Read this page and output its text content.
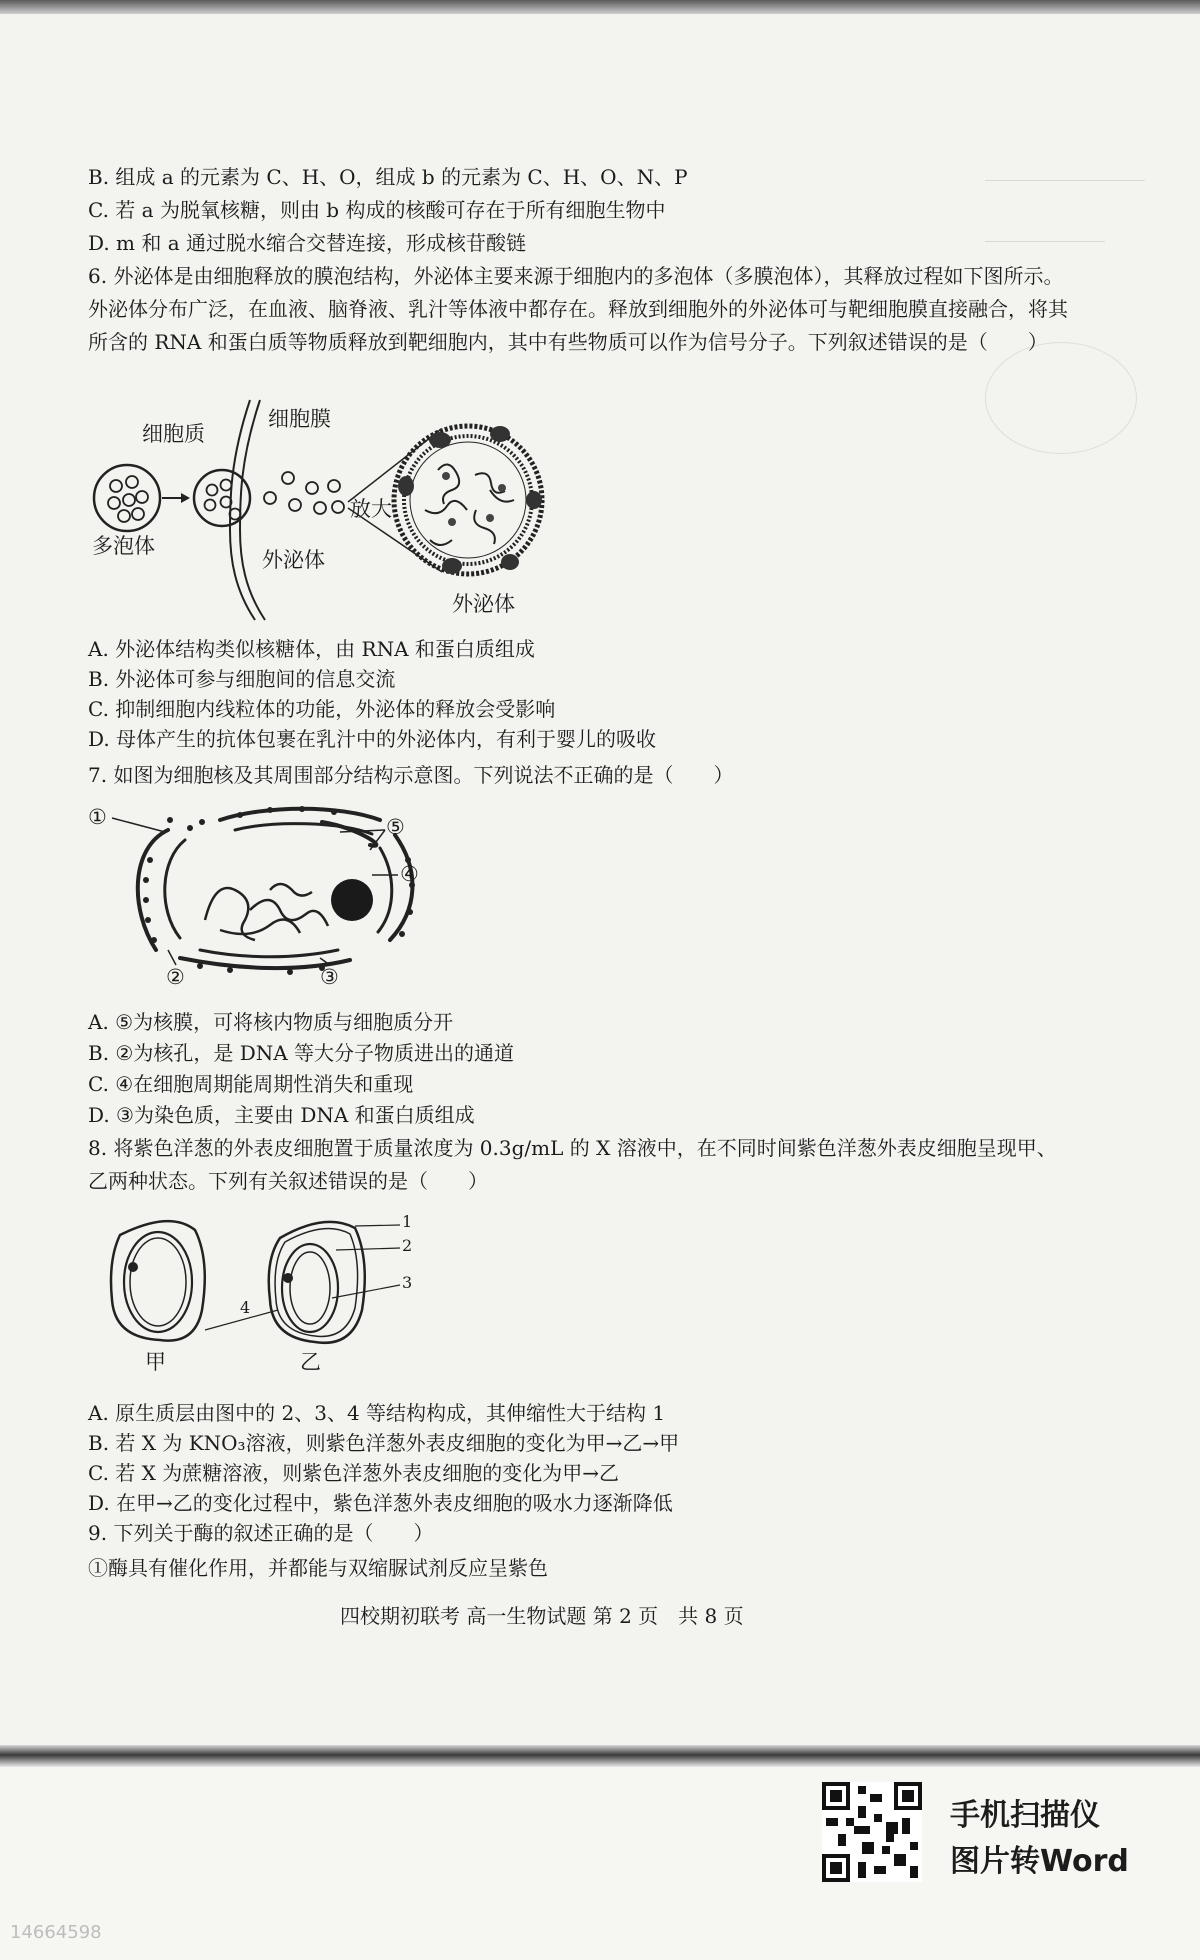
B. 组成 a 的元素为 C、H、O，组成 b 的元素为 C、H、O、N、P
C. 若 a 为脱氧核糖，则由 b 构成的核酸可存在于所有细胞生物中
D. m 和 a 通过脱水缩合交替连接，形成核苷酸链
6. 外泌体是由细胞释放的膜泡结构，外泌体主要来源于细胞内的多泡体（多膜泡体），其释放过程如下图所示。外泌体分布广泛，在血液、脑脊液、乳汁等体液中都存在。释放到细胞外的外泌体可与靶细胞膜直接融合，将其所含的 RNA 和蛋白质等物质释放到靶细胞内，其中有些物质可以作为信号分子。下列叙述错误的是（　　）
细胞质
细胞膜
多泡体
外泌体
放大
外泌体
A. 外泌体结构类似核糖体，由 RNA 和蛋白质组成
B. 外泌体可参与细胞间的信息交流
C. 抑制细胞内线粒体的功能，外泌体的释放会受影响
D. 母体产生的抗体包裹在乳汁中的外泌体内，有利于婴儿的吸收
7. 如图为细胞核及其周围部分结构示意图。下列说法不正确的是（　　）
①
②	③
④
⑤
A. ⑤为核膜，可将核内物质与细胞质分开
B. ②为核孔，是 DNA 等大分子物质进出的通道
C. ④在细胞周期能周期性消失和重现
D. ③为染色质，主要由 DNA 和蛋白质组成
8. 将紫色洋葱的外表皮细胞置于质量浓度为 0.3g/mL 的 X 溶液中，在不同时间紫色洋葱外表皮细胞呈现甲、乙两种状态。下列有关叙述错误的是（　　）
甲	乙
1
2
3
4
A. 原生质层由图中的 2、3、4 等结构构成，其伸缩性大于结构 1
B. 若 X 为 KNO₃溶液，则紫色洋葱外表皮细胞的变化为甲→乙→甲
C. 若 X 为蔗糖溶液，则紫色洋葱外表皮细胞的变化为甲→乙
D. 在甲→乙的变化过程中，紫色洋葱外表皮细胞的吸水力逐渐降低
9. 下列关于酶的叙述正确的是（　　）
①酶具有催化作用，并都能与双缩脲试剂反应呈紫色
四校期初联考 高一生物试题 第 2 页　共 8 页
手机扫描仪
图片转Word
14664598
